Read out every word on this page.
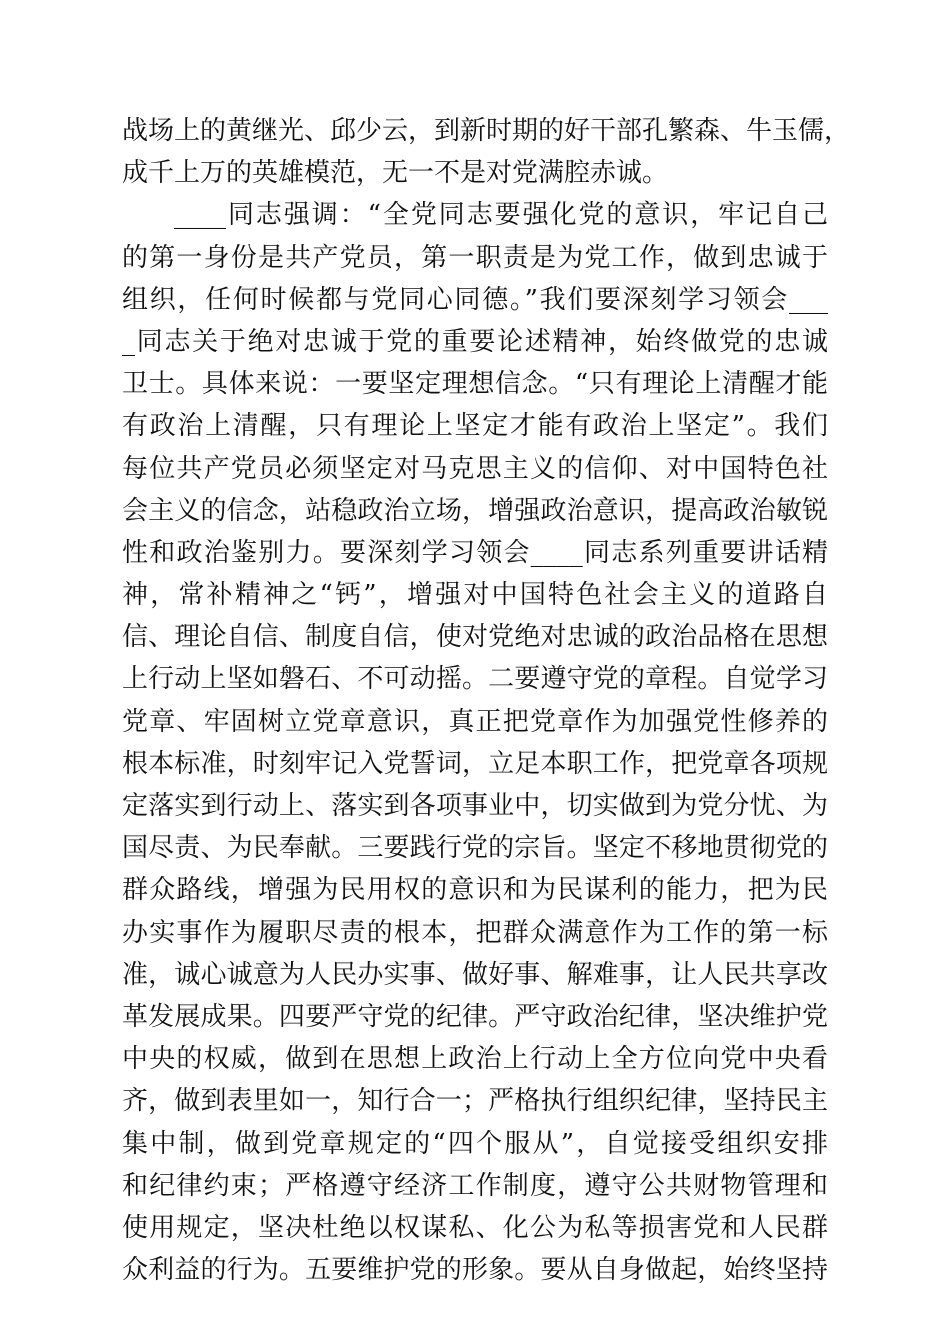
战场上的黄继光、邱少云，到新时期的好干部孔繁森、牛玉儒，
成千上万的英雄模范，无一不是对党满腔赤诚。
____同志强调：“全党同志要强化党的意识，牢记自己
的第一身份是共产党员，第一职责是为党工作，做到忠诚于
组织，任何时候都与党同心同德。”我们要深刻学习领会___
_同志关于绝对忠诚于党的重要论述精神，始终做党的忠诚
卫士。具体来说：一要坚定理想信念。“只有理论上清醒才能
有政治上清醒，只有理论上坚定才能有政治上坚定”。我们
每位共产党员必须坚定对马克思主义的信仰、对中国特色社
会主义的信念，站稳政治立场，增强政治意识，提高政治敏锐
性和政治鉴别力。要深刻学习领会____同志系列重要讲话精
神，常补精神之“钙”，增强对中国特色社会主义的道路自
信、理论自信、制度自信，使对党绝对忠诚的政治品格在思想
上行动上坚如磐石、不可动摇。二要遵守党的章程。自觉学习
党章、牢固树立党章意识，真正把党章作为加强党性修养的
根本标准，时刻牢记入党誓词，立足本职工作，把党章各项规
定落实到行动上、落实到各项事业中，切实做到为党分忧、为
国尽责、为民奉献。三要践行党的宗旨。坚定不移地贯彻党的
群众路线，增强为民用权的意识和为民谋利的能力，把为民
办实事作为履职尽责的根本，把群众满意作为工作的第一标
准，诚心诚意为人民办实事、做好事、解难事，让人民共享改
革发展成果。四要严守党的纪律。严守政治纪律，坚决维护党
中央的权威，做到在思想上政治上行动上全方位向党中央看
齐，做到表里如一，知行合一；严格执行组织纪律，坚持民主
集中制，做到党章规定的“四个服从”，自觉接受组织安排
和纪律约束；严格遵守经济工作制度，遵守公共财物管理和
使用规定，坚决杜绝以权谋私、化公为私等损害党和人民群
众利益的行为。五要维护党的形象。要从自身做起，始终坚持
